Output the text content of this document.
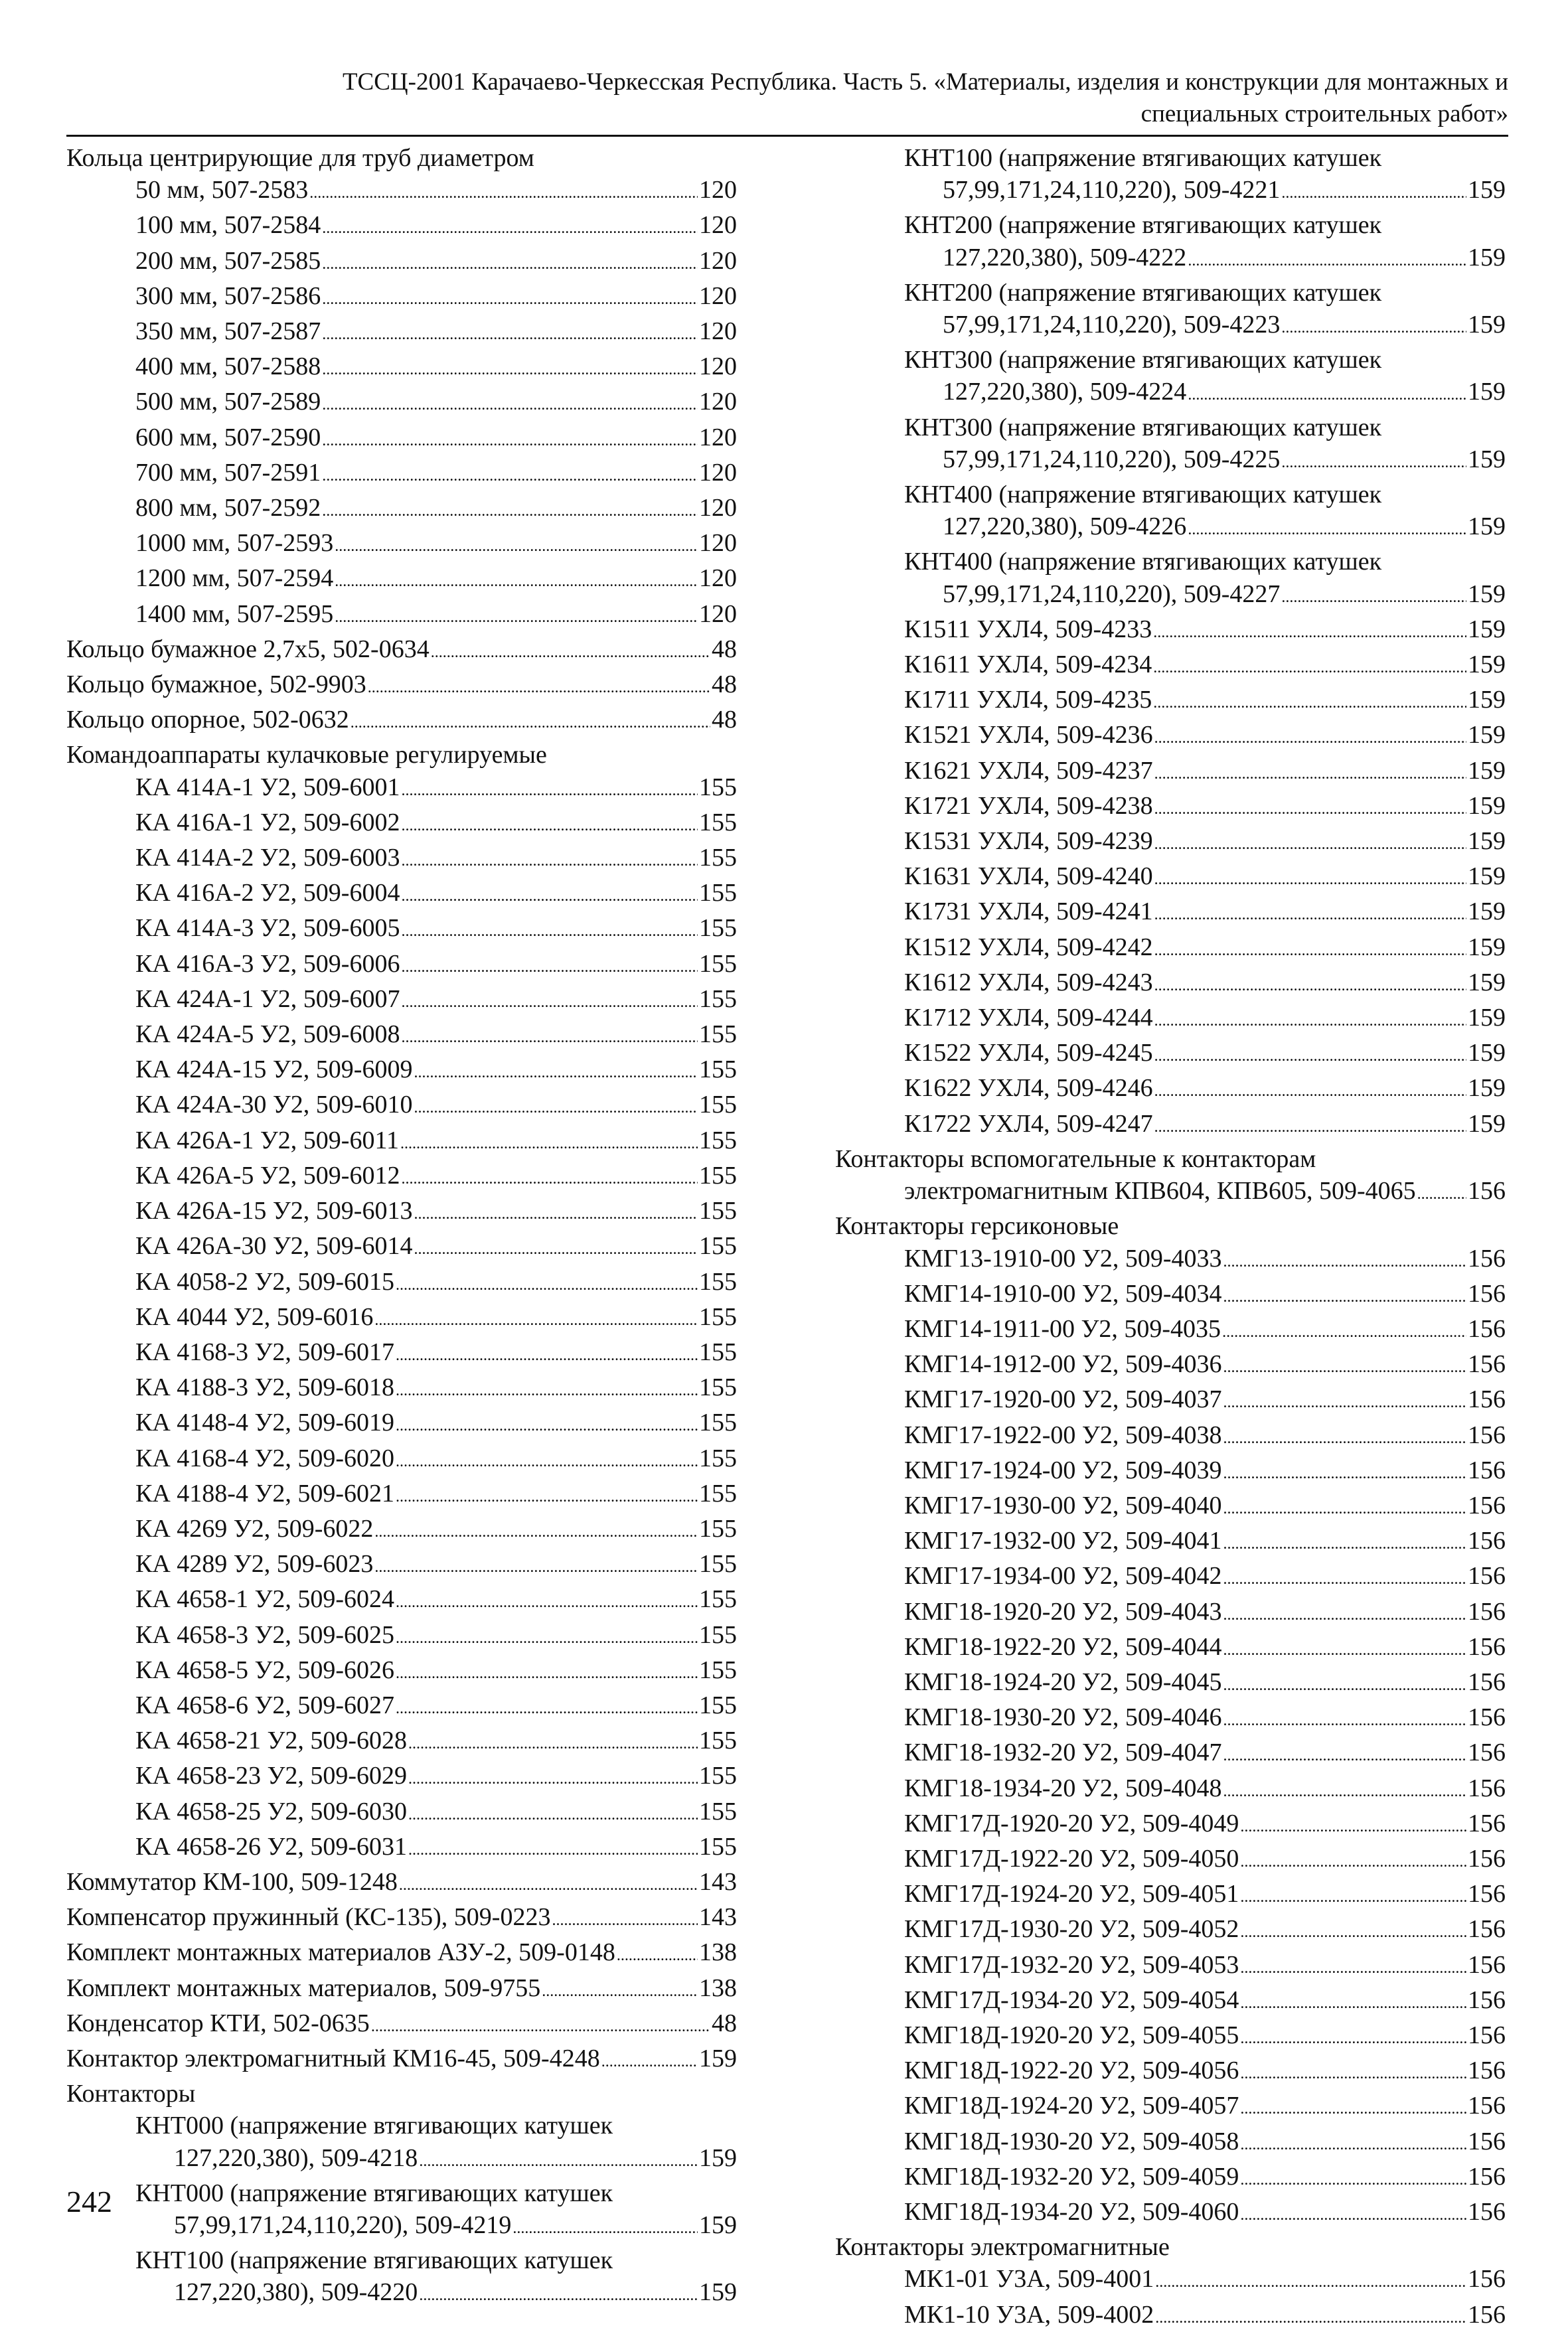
ТССЦ-2001 Карачаево-Черкесская Республика. Часть 5. «Материалы, изделия и конструкции для монтажных и
специальных строительных работ»
Кольца центрирующие для труб диаметром
50 мм, 507-2583 . . .	120
100 мм, 507-2584 . . .	120
200 мм, 507-2585 . . .	120
300 мм, 507-2586 . . .	120
350 мм, 507-2587 . . .	120
400 мм, 507-2588 . . .	120
500 мм, 507-2589 . . .	120
600 мм, 507-2590 . . .	120
700 мм, 507-2591 . . .	120
800 мм, 507-2592 . . .	120
1000 мм, 507-2593 . . .	120
1200 мм, 507-2594 . . .	120
1400 мм, 507-2595 . . .	120
Кольцо бумажное 2,7x5, 502-0634 . . .	48
Кольцо бумажное, 502-9903 . . .	48
Кольцо опорное, 502-0632 . . .	48
Командоаппараты кулачковые регулируемые
КА 414А-1 У2, 509-6001 . . .	155
КА 416А-1 У2, 509-6002 . . .	155
КА 414А-2 У2, 509-6003 . . .	155
КА 416А-2 У2, 509-6004 . . .	155
КА 414А-3 У2, 509-6005 . . .	155
КА 416А-3 У2, 509-6006 . . .	155
КА 424А-1 У2, 509-6007 . . .	155
КА 424А-5 У2, 509-6008 . . .	155
КА 424А-15 У2, 509-6009 . . .	155
КА 424А-30 У2, 509-6010 . . .	155
КА 426А-1 У2, 509-6011 . . .	155
КА 426А-5 У2, 509-6012 . . .	155
КА 426А-15 У2, 509-6013 . . .	155
КА 426А-30 У2, 509-6014 . . .	155
КА 4058-2 У2, 509-6015 . . .	155
КА 4044 У2, 509-6016 . . .	155
КА 4168-3 У2, 509-6017 . . .	155
КА 4188-3 У2, 509-6018 . . .	155
КА 4148-4 У2, 509-6019 . . .	155
КА 4168-4 У2, 509-6020 . . .	155
КА 4188-4 У2, 509-6021 . . .	155
КА 4269 У2, 509-6022 . . .	155
КА 4289 У2, 509-6023 . . .	155
КА 4658-1 У2, 509-6024 . . .	155
КА 4658-3 У2, 509-6025 . . .	155
КА 4658-5 У2, 509-6026 . . .	155
КА 4658-6 У2, 509-6027 . . .	155
КА 4658-21 У2, 509-6028 . . .	155
КА 4658-23 У2, 509-6029 . . .	155
КА 4658-25 У2, 509-6030 . . .	155
КА 4658-26 У2, 509-6031 . . .	155
Коммутатор КМ-100, 509-1248 . . .	143
Компенсатор пружинный (КС-135), 509-0223 . . .	143
Комплект монтажных материалов АЗУ-2, 509-0148 . . .	138
Комплект монтажных материалов, 509-9755 . . .	138
Конденсатор КТИ, 502-0635 . . .	48
Контактор электромагнитный КМ16-45, 509-4248 . . .	159
Контакторы
КНТ000 (напряжение втягивающих катушек
127,220,380), 509-4218 . . .	159
КНТ000 (напряжение втягивающих катушек
57,99,171,24,110,220), 509-4219 . . .	159
КНТ100 (напряжение втягивающих катушек
127,220,380), 509-4220 . . .	159
КНТ100 (напряжение втягивающих катушек
57,99,171,24,110,220), 509-4221 . . .	159
КНТ200 (напряжение втягивающих катушек
127,220,380), 509-4222 . . .	159
КНТ200 (напряжение втягивающих катушек
57,99,171,24,110,220), 509-4223 . . .	159
КНТ300 (напряжение втягивающих катушек
127,220,380), 509-4224 . . .	159
КНТ300 (напряжение втягивающих катушек
57,99,171,24,110,220), 509-4225 . . .	159
КНТ400 (напряжение втягивающих катушек
127,220,380), 509-4226 . . .	159
КНТ400 (напряжение втягивающих катушек
57,99,171,24,110,220), 509-4227 . . .	159
К1511 УХЛ4, 509-4233 . . .	159
К1611 УХЛ4, 509-4234 . . .	159
К1711 УХЛ4, 509-4235 . . .	159
К1521 УХЛ4, 509-4236 . . .	159
К1621 УХЛ4, 509-4237 . . .	159
К1721 УХЛ4, 509-4238 . . .	159
К1531 УХЛ4, 509-4239 . . .	159
К1631 УХЛ4, 509-4240 . . .	159
К1731 УХЛ4, 509-4241 . . .	159
К1512 УХЛ4, 509-4242 . . .	159
К1612 УХЛ4, 509-4243 . . .	159
К1712 УХЛ4, 509-4244 . . .	159
К1522 УХЛ4, 509-4245 . . .	159
К1622 УХЛ4, 509-4246 . . .	159
К1722 УХЛ4, 509-4247 . . .	159
Контакторы вспомогательные к контакторам
электромагнитным КПВ604, КПВ605, 509-4065 . . . 156
Контакторы герсиконовые
КМГ13-1910-00 У2, 509-4033 . . .	156
КМГ14-1910-00 У2, 509-4034 . . .	156
КМГ14-1911-00 У2, 509-4035 . . .	156
КМГ14-1912-00 У2, 509-4036 . . .	156
КМГ17-1920-00 У2, 509-4037 . . .	156
КМГ17-1922-00 У2, 509-4038 . . .	156
КМГ17-1924-00 У2, 509-4039 . . .	156
КМГ17-1930-00 У2, 509-4040 . . .	156
КМГ17-1932-00 У2, 509-4041 . . .	156
КМГ17-1934-00 У2, 509-4042 . . .	156
КМГ18-1920-20 У2, 509-4043 . . .	156
КМГ18-1922-20 У2, 509-4044 . . .	156
КМГ18-1924-20 У2, 509-4045 . . .	156
КМГ18-1930-20 У2, 509-4046 . . .	156
КМГ18-1932-20 У2, 509-4047 . . .	156
КМГ18-1934-20 У2, 509-4048 . . .	156
КМГ17Д-1920-20 У2, 509-4049 . . .	156
КМГ17Д-1922-20 У2, 509-4050 . . .	156
КМГ17Д-1924-20 У2, 509-4051 . . .	156
КМГ17Д-1930-20 У2, 509-4052 . . .	156
КМГ17Д-1932-20 У2, 509-4053 . . .	156
КМГ17Д-1934-20 У2, 509-4054 . . .	156
КМГ18Д-1920-20 У2, 509-4055 . . .	156
КМГ18Д-1922-20 У2, 509-4056 . . .	156
КМГ18Д-1924-20 У2, 509-4057 . . .	156
КМГ18Д-1930-20 У2, 509-4058 . . .	156
КМГ18Д-1932-20 У2, 509-4059 . . .	156
КМГ18Д-1934-20 У2, 509-4060 . . .	156
Контакторы электромагнитные
МК1-01 У3А, 509-4001 . . .	156
МК1-10 У3А, 509-4002 . . .	156
242
